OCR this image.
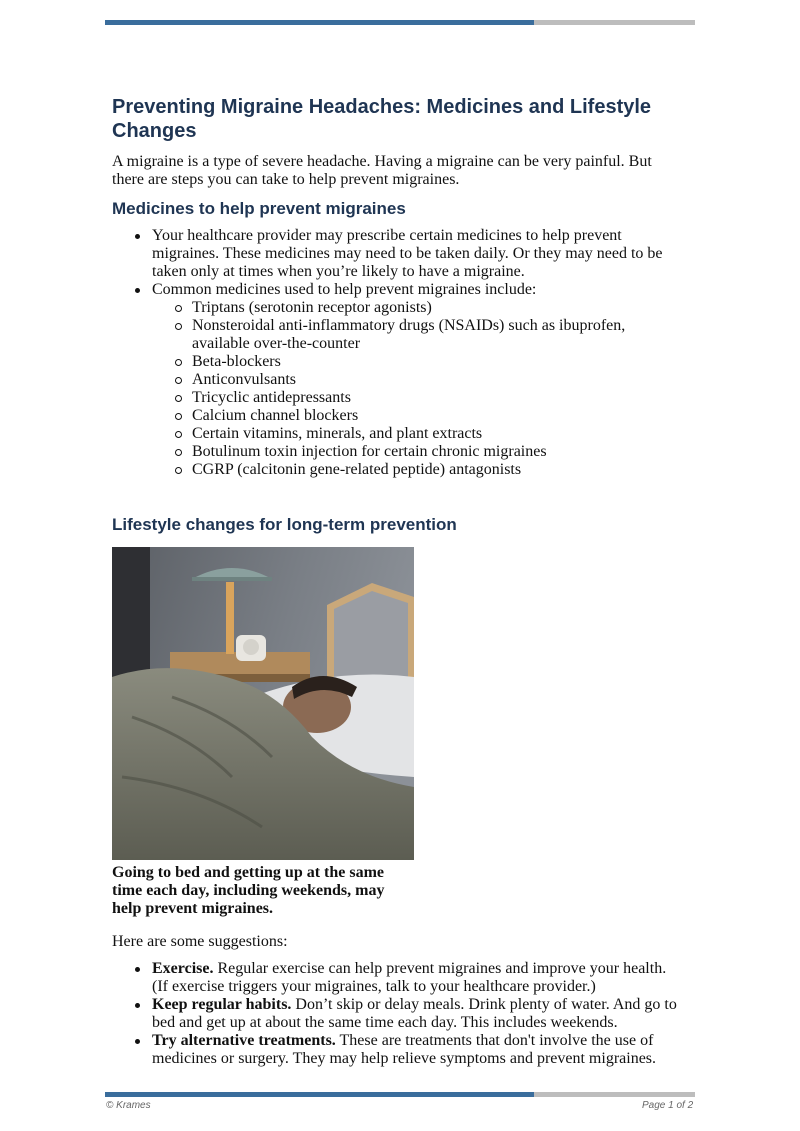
Preventing Migraine Headaches: Medicines and Lifestyle Changes

A migraine is a type of severe headache. Having a migraine can be very painful. But there are steps you can take to help prevent migraines.

Medicines to help prevent migraines
Your healthcare provider may prescribe certain medicines to help prevent migraines. These medicines may need to be taken daily. Or they may need to be taken only at times when you’re likely to have a migraine.
Common medicines used to help prevent migraines include:
Triptans (serotonin receptor agonists)
Nonsteroidal anti-inflammatory drugs (NSAIDs) such as ibuprofen, available over-the-counter
Beta-blockers
Anticonvulsants
Tricyclic antidepressants
Calcium channel blockers
Certain vitamins, minerals, and plant extracts
Botulinum toxin injection for certain chronic migraines
CGRP (calcitonin gene-related peptide) antagonists
Lifestyle changes for long-term prevention

Going to bed and getting up at the same time each day, including weekends, may help prevent migraines.

Here are some suggestions:

Exercise. Regular exercise can help prevent migraines and improve your health. (If exercise triggers your migraines, talk to your healthcare provider.)
Keep regular habits. Don’t skip or delay meals. Drink plenty of water. And go to bed and get up at about the same time each day. This includes weekends.
Try alternative treatments. These are treatments that don't involve the use of medicines or surgery. They may help relieve symptoms and prevent migraines.
© Krames	Page 1 of 2
